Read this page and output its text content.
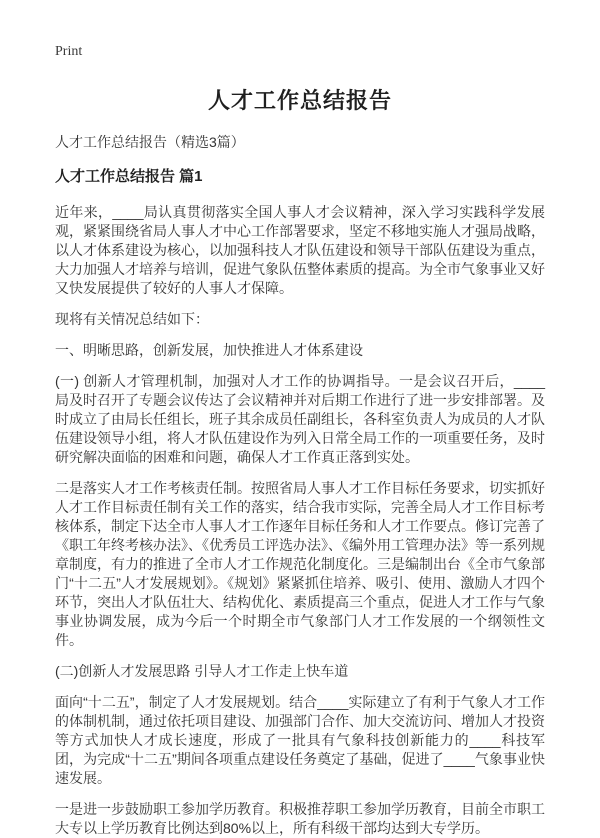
Print
人才工作总结报告

人才工作总结报告（精选3篇）

人才工作总结报告 篇1

近年来，____局认真贯彻落实全国人事人才会议精神，深入学习实践科学发展观，紧紧围绕省局人事人才中心工作部署要求，坚定不移地实施人才强局战略，以人才体系建设为核心，以加强科技人才队伍建设和领导干部队伍建设为重点，大力加强人才培养与培训，促进气象队伍整体素质的提高。为全市气象事业又好又快发展提供了较好的人事人才保障。

现将有关情况总结如下：

一、明晰思路，创新发展，加快推进人才体系建设

(一) 创新人才管理机制，加强对人才工作的协调指导。一是会议召开后，____局及时召开了专题会议传达了会议精神并对后期工作进行了进一步安排部署。及时成立了由局长任组长，班子其余成员任副组长，各科室负责人为成员的人才队伍建设领导小组，将人才队伍建设作为列入日常全局工作的一项重要任务，及时研究解决面临的困难和问题，确保人才工作真正落到实处。

二是落实人才工作考核责任制。按照省局人事人才工作目标任务要求，切实抓好人才工作目标责任制有关工作的落实，结合我市实际，完善全局人才工作目标考核体系，制定下达全市人事人才工作逐年目标任务和人才工作要点。修订完善了《职工年终考核办法》、《优秀员工评选办法》、《编外用工管理办法》等一系列规章制度，有力的推进了全市人才工作规范化制度化。三是编制出台《全市气象部门“十二五”人才发展规划》。《规划》紧紧抓住培养、吸引、使用、激励人才四个环节，突出人才队伍壮大、结构优化、素质提高三个重点，促进人才工作与气象事业协调发展，成为今后一个时期全市气象部门人才工作发展的一个纲领性文件。

(二)创新人才发展思路 引导人才工作走上快车道

面向“十二五”，制定了人才发展规划。结合____实际建立了有利于气象人才工作的体制机制，通过依托项目建设、加强部门合作、加大交流访问、增加人才投资等方式加快人才成长速度，形成了一批具有气象科技创新能力的____科技军团，为完成“十二五”期间各项重点建设任务奠定了基础，促进了____气象事业快速发展。

一是进一步鼓励职工参加学历教育。积极推荐职工参加学历教育，目前全市职工大专以上学历教育比例达到80%以上，所有科级干部均达到大专学历。
